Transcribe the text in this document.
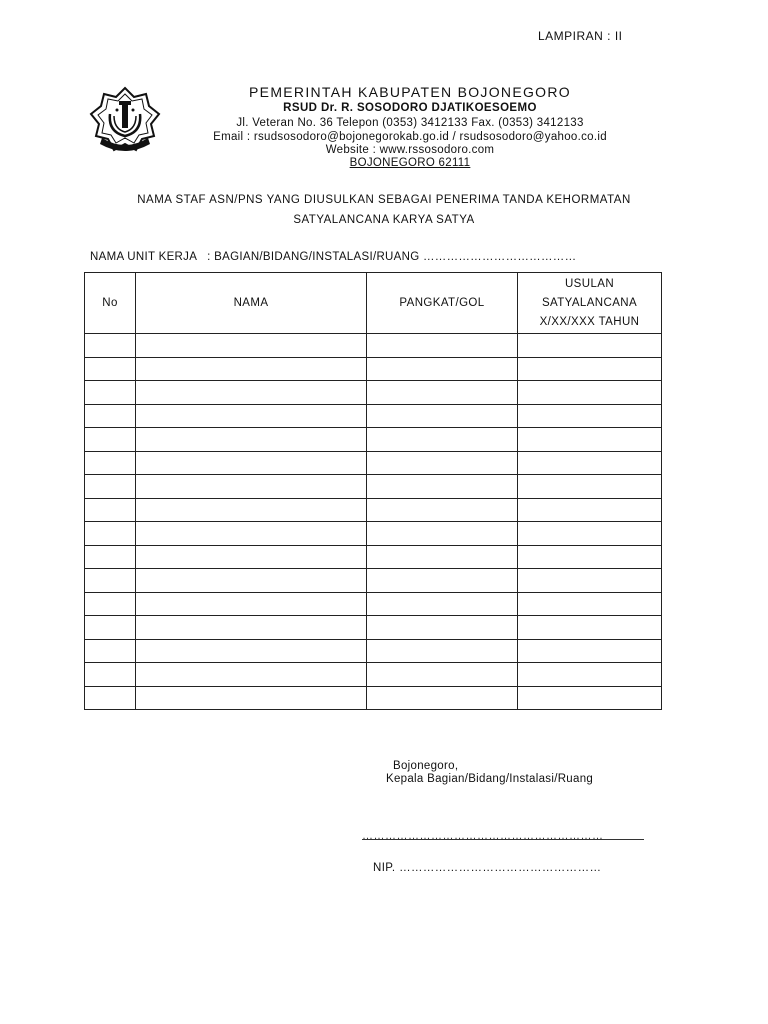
LAMPIRAN : II
PEMERINTAH KABUPATEN BOJONEGORO
RSUD Dr. R. SOSODORO DJATIKOESOEMO
Jl. Veteran No. 36 Telepon (0353) 3412133 Fax. (0353) 3412133
Email : rsudsosodoro@bojonegorokab.go.id / rsudsosodoro@yahoo.co.id
Website : www.rssosodoro.com
BOJONEGORO 62111
NAMA STAF ASN/PNS YANG DIUSULKAN SEBAGAI PENERIMA TANDA KEHORMATAN
SATYALANCANA KARYA SATYA
NAMA UNIT KERJA : BAGIAN/BIDANG/INSTALASI/RUANG …………………………………
No	NAMA	PANGKAT/GOL	USULAN
SATYALANCANA
X/XX/XXX TAHUN

Bojonegoro,
Kepala Bagian/Bidang/Instalasi/Ruang
………………………………………………………
NIP. ……………………………………………
